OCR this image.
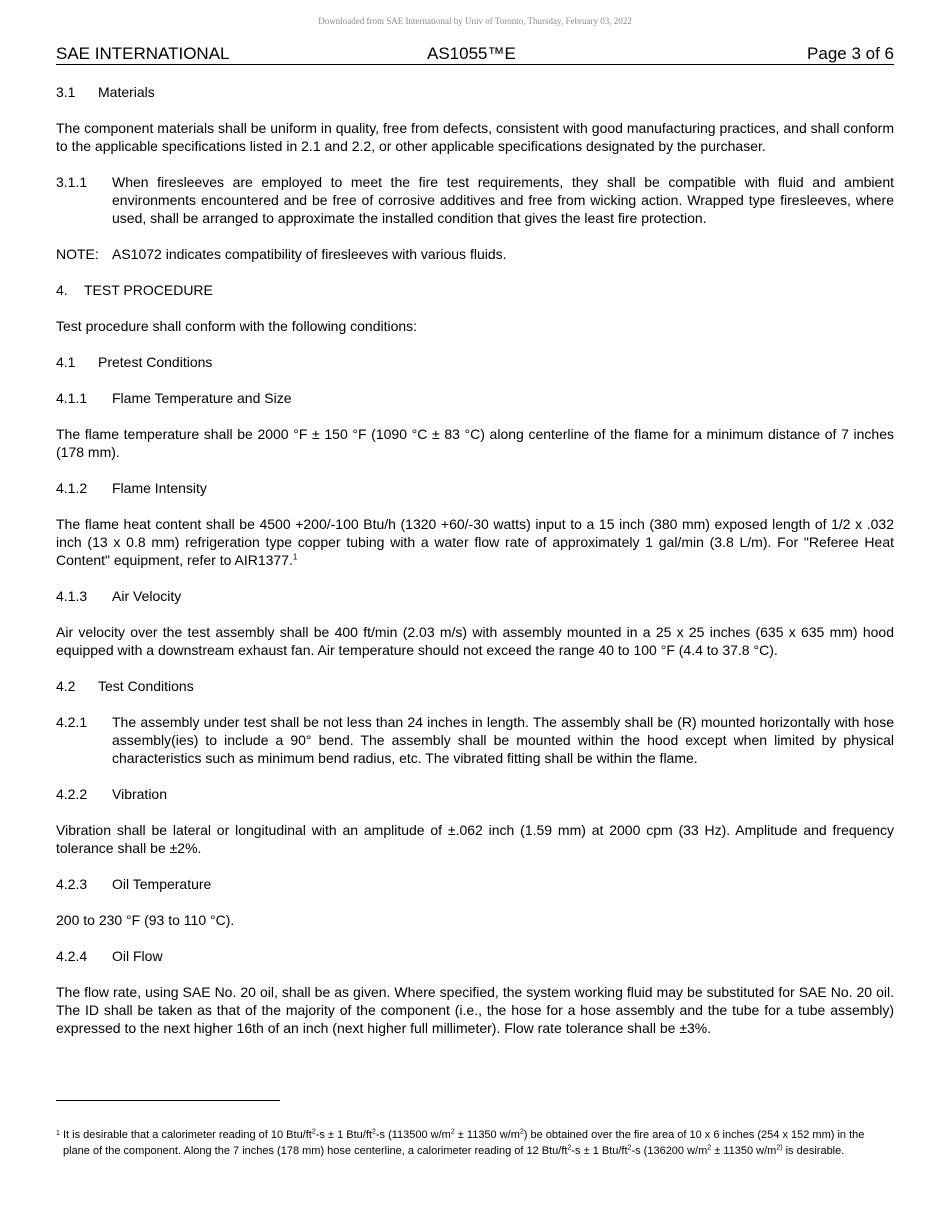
Downloaded from SAE International by Univ of Toronto, Thursday, February 03, 2022
SAE INTERNATIONAL	AS1055™E	Page 3 of 6
3.1	Materials

The component materials shall be uniform in quality, free from defects, consistent with good manufacturing practices, and shall conform to the applicable specifications listed in 2.1 and 2.2, or other applicable specifications designated by the purchaser.

3.1.1	When firesleeves are employed to meet the fire test requirements, they shall be compatible with fluid and ambient environments encountered and be free of corrosive additives and free from wicking action. Wrapped type firesleeves, where used, shall be arranged to approximate the installed condition that gives the least fire protection.
NOTE: AS1072 indicates compatibility of firesleeves with various fluids.
4.	TEST PROCEDURE

Test procedure shall conform with the following conditions:

4.1	Pretest Conditions
4.1.1	Flame Temperature and Size

The flame temperature shall be 2000 °F ± 150 °F (1090 °C ± 83 °C) along centerline of the flame for a minimum distance of 7 inches (178 mm).

4.1.2	Flame Intensity

The flame heat content shall be 4500 +200/-100 Btu/h (1320 +60/-30 watts) input to a 15 inch (380 mm) exposed length of 1/2 x .032 inch (13 x 0.8 mm) refrigeration type copper tubing with a water flow rate of approximately 1 gal/min (3.8 L/m). For "Referee Heat Content" equipment, refer to AIR1377.$^1$

4.1.3	Air Velocity

Air velocity over the test assembly shall be 400 ft/min (2.03 m/s) with assembly mounted in a 25 x 25 inches (635 x 635 mm) hood equipped with a downstream exhaust fan. Air temperature should not exceed the range 40 to 100 °F (4.4 to 37.8 °C).

4.2	Test Conditions
4.2.1	The assembly under test shall be not less than 24 inches in length. The assembly shall be (R) mounted horizontally with hose assembly(ies) to include a 90° bend. The assembly shall be mounted within the hood except when limited by physical characteristics such as minimum bend radius, etc. The vibrated fitting shall be within the flame.
4.2.2	Vibration

Vibration shall be lateral or longitudinal with an amplitude of ±.062 inch (1.59 mm) at 2000 cpm (33 Hz). Amplitude and frequency tolerance shall be ±2%.

4.2.3	Oil Temperature

200 to 230 °F (93 to 110 °C).

4.2.4	Oil Flow

The flow rate, using SAE No. 20 oil, shall be as given. Where specified, the system working fluid may be substituted for SAE No. 20 oil. The ID shall be taken as that of the majority of the component (i.e., the hose for a hose assembly and the tube for a tube assembly) expressed to the next higher 16th of an inch (next higher full millimeter). Flow rate tolerance shall be ±3%.

1 It is desirable that a calorimeter reading of 10 Btu/$ft^2-s \pm 1$ Btu/$ft^2-s$ (113500 $w/m^2 \pm 11350$ $w/m^2$) be obtained over the fire area of 10 x 6 inches (254 x 152 mm) in the plane of the component. Along the 7 inches (178 mm) hose centerline, a calorimeter reading of 12 Btu/$ft^2-s \pm 1$ Btu/$ft^2-s$ (136200 $w/m^2 \pm 11350$ $w/m^{2)}$ is desirable.
